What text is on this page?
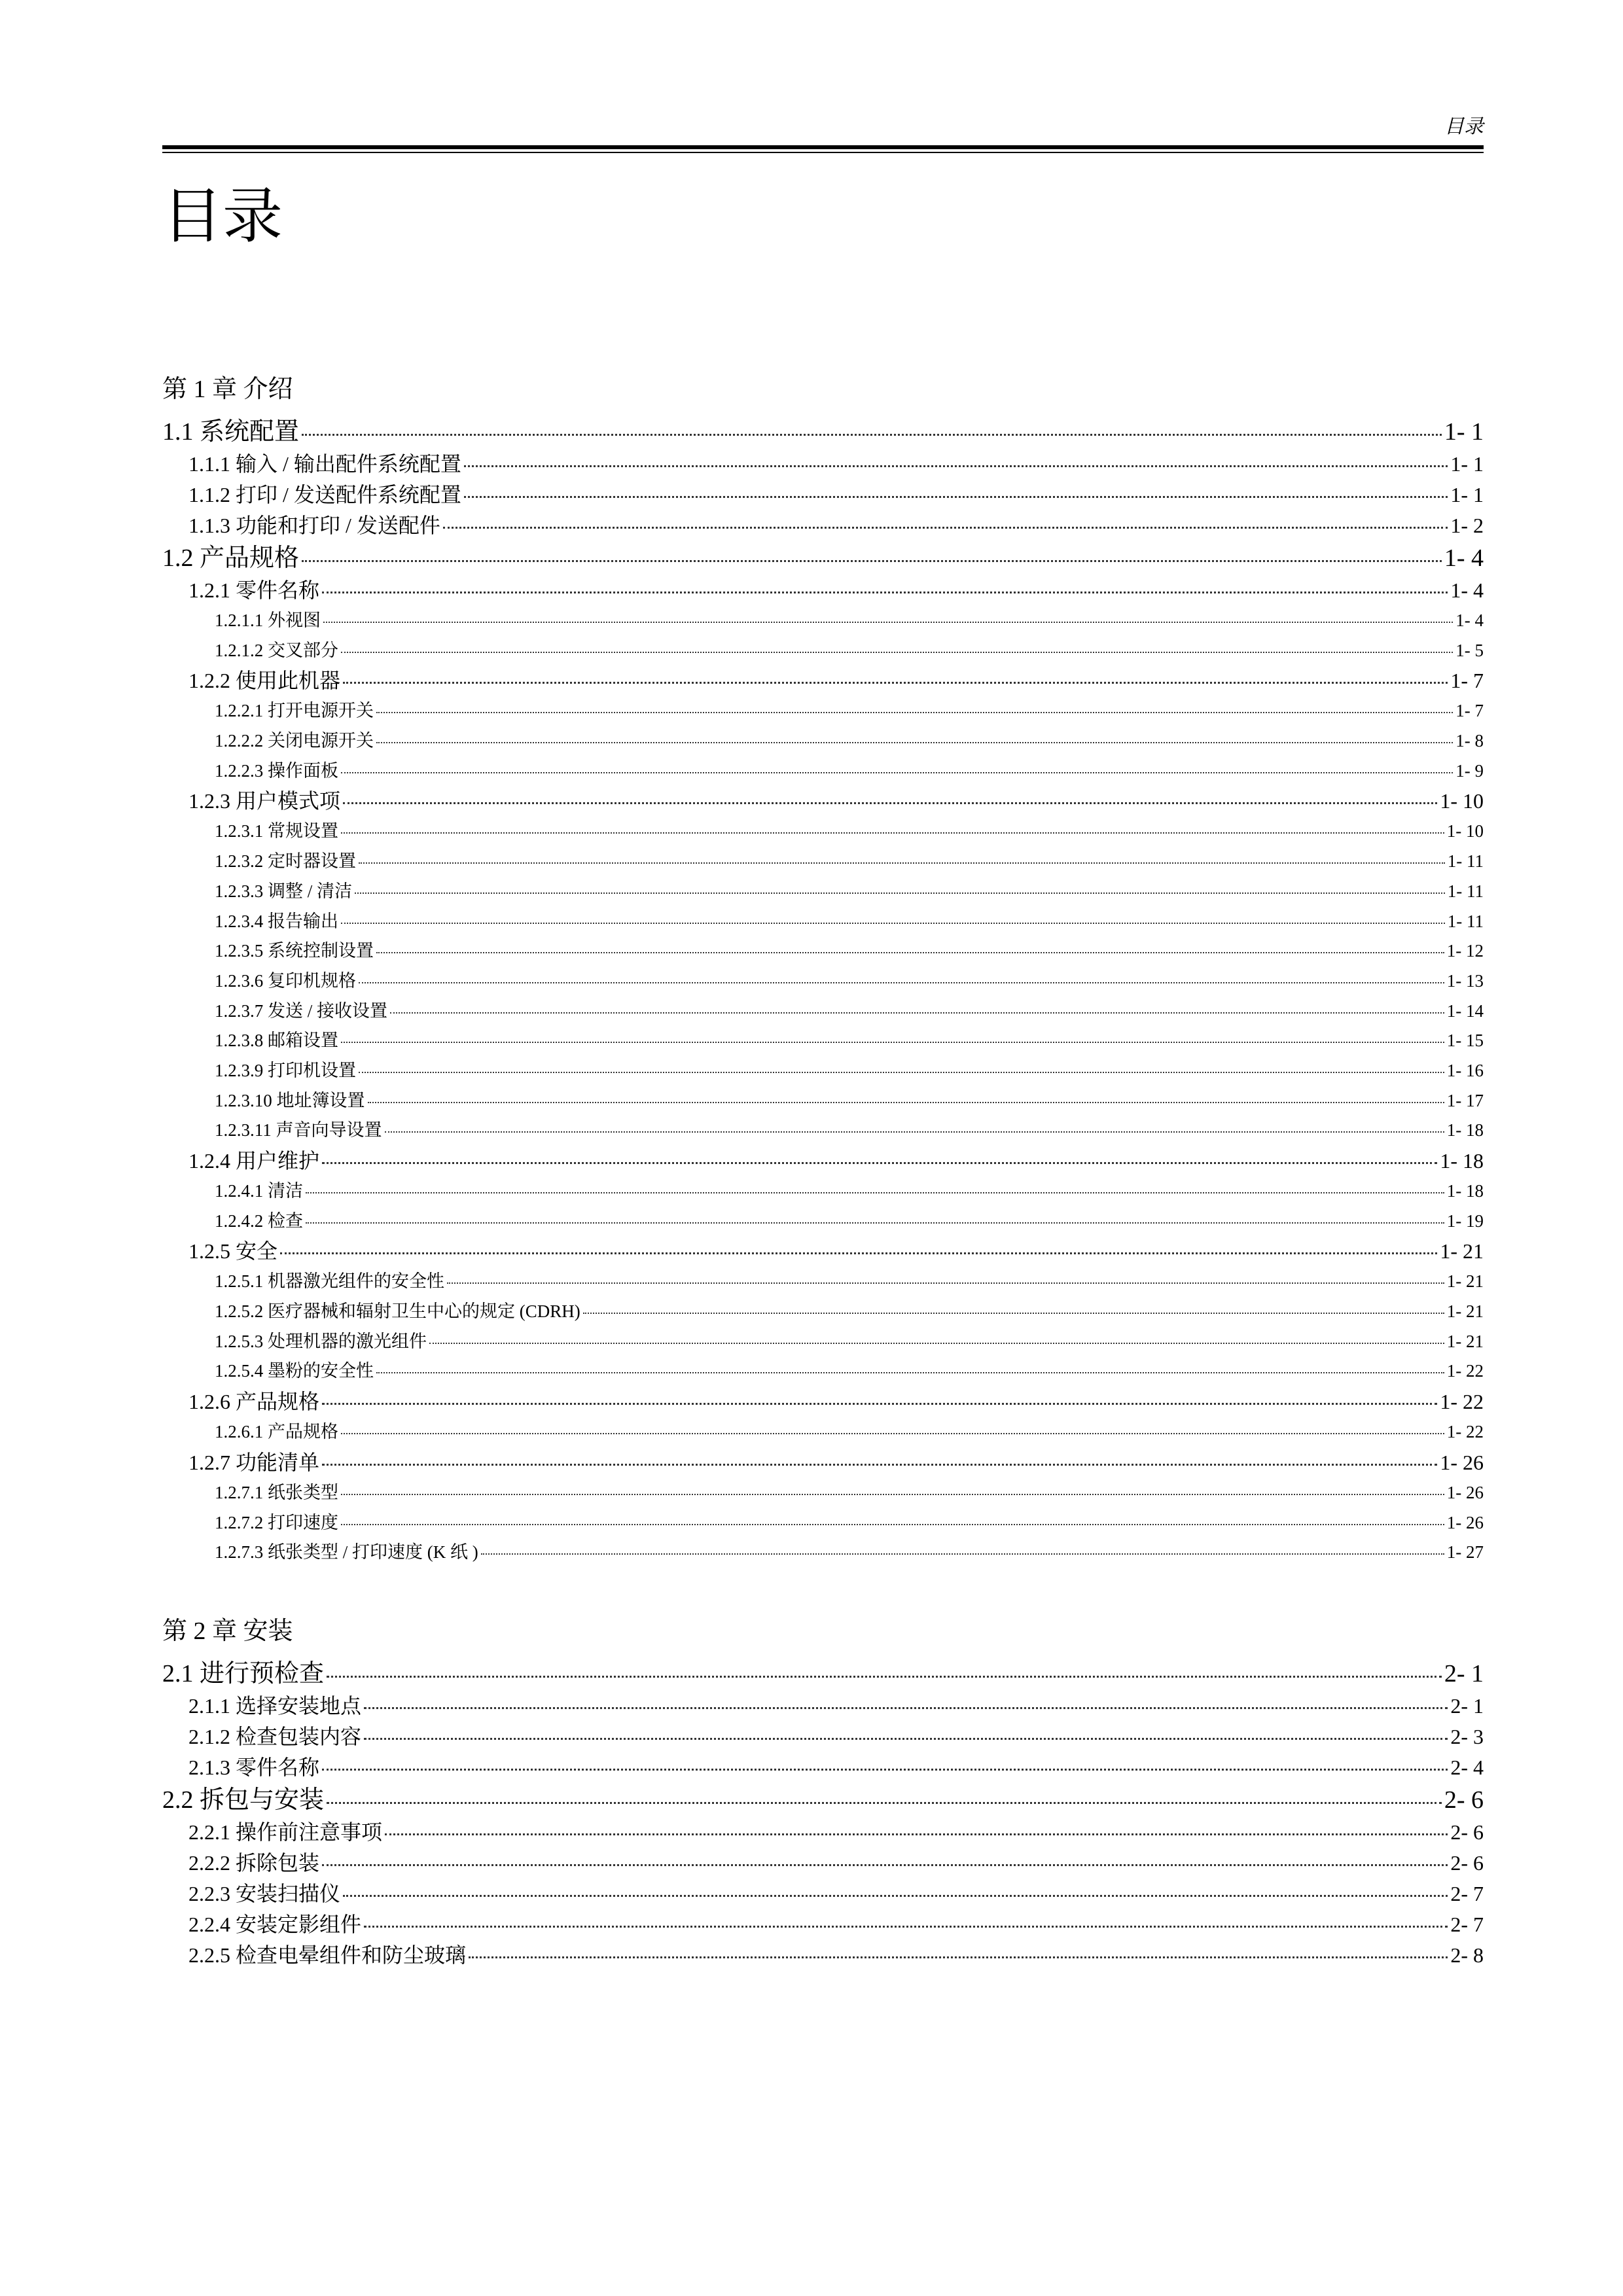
目录
目录
第 1 章 介绍
1.1 系统配置	1- 1
1.1.1 输入 / 输出配件系统配置	1- 1
1.1.2 打印 / 发送配件系统配置	1- 1
1.1.3 功能和打印 / 发送配件	1- 2
1.2 产品规格	1- 4
1.2.1 零件名称	1- 4
1.2.1.1 外视图	1- 4
1.2.1.2 交叉部分	1- 5
1.2.2 使用此机器	1- 7
1.2.2.1 打开电源开关	1- 7
1.2.2.2 关闭电源开关	1- 8
1.2.2.3 操作面板	1- 9
1.2.3 用户模式项	1- 10
1.2.3.1 常规设置	1- 10
1.2.3.2 定时器设置	1- 11
1.2.3.3 调整 / 清洁	1- 11
1.2.3.4 报告输出	1- 11
1.2.3.5 系统控制设置	1- 12
1.2.3.6 复印机规格	1- 13
1.2.3.7 发送 / 接收设置	1- 14
1.2.3.8 邮箱设置	1- 15
1.2.3.9 打印机设置	1- 16
1.2.3.10 地址簿设置	1- 17
1.2.3.11 声音向导设置	1- 18
1.2.4 用户维护	1- 18
1.2.4.1 清洁	1- 18
1.2.4.2 检查	1- 19
1.2.5 安全	1- 21
1.2.5.1 机器激光组件的安全性	1- 21
1.2.5.2 医疗器械和辐射卫生中心的规定 (CDRH)	1- 21
1.2.5.3 处理机器的激光组件	1- 21
1.2.5.4 墨粉的安全性	1- 22
1.2.6 产品规格	1- 22
1.2.6.1 产品规格	1- 22
1.2.7 功能清单	1- 26
1.2.7.1 纸张类型	1- 26
1.2.7.2 打印速度	1- 26
1.2.7.3 纸张类型 / 打印速度 (K 纸 )	1- 27
第 2 章 安装
2.1 进行预检查	2- 1
2.1.1 选择安装地点	2- 1
2.1.2 检查包装内容	2- 3
2.1.3 零件名称	2- 4
2.2 拆包与安装	2- 6
2.2.1 操作前注意事项	2- 6
2.2.2 拆除包装	2- 6
2.2.3 安装扫描仪	2- 7
2.2.4 安装定影组件	2- 7
2.2.5 检查电晕组件和防尘玻璃	2- 8
